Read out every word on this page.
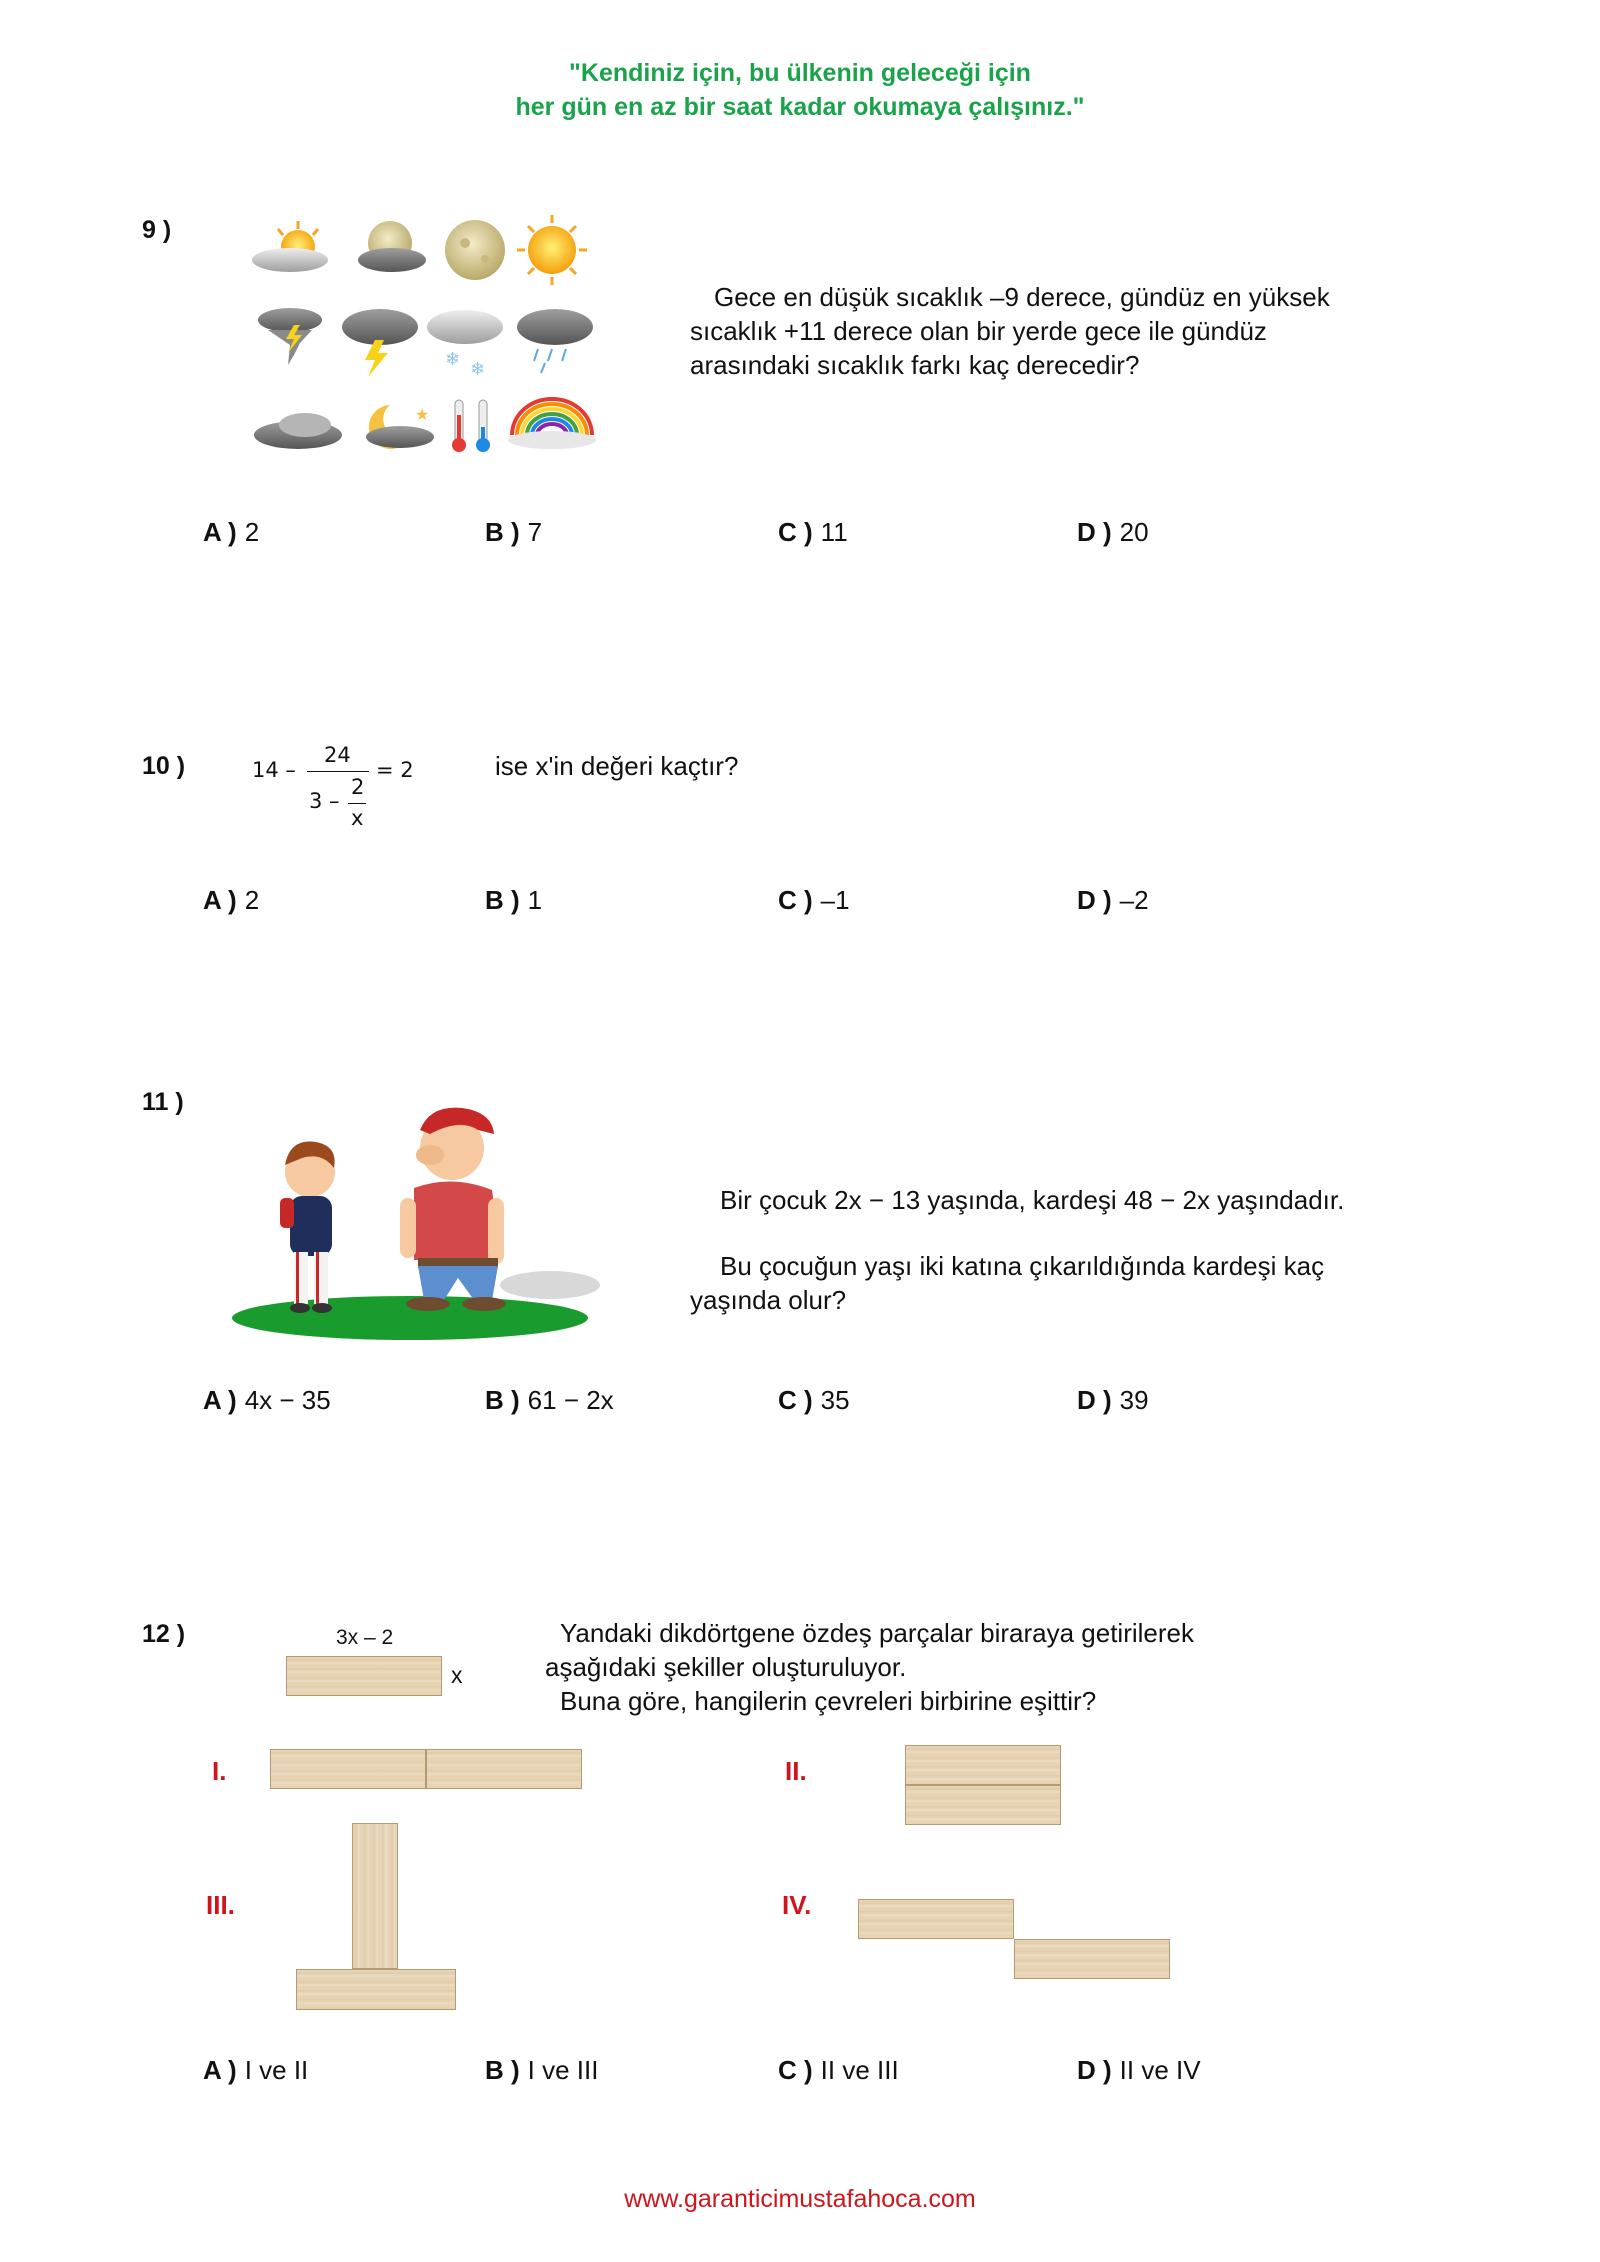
"Kendiniz için, bu ülkenin geleceği için
her gün en az bir saat kadar okumaya çalışınız."
9 )
❄ ❄
★
Gece en düşük sıcaklık –9 derece, gündüz en yüksek
sıcaklık +11 derece olan bir yerde gece ile gündüz
arasındaki sıcaklık farkı kaç derecedir?
A ) 2	B ) 7	C ) 11	D ) 20
10 )	14 –
24
3 –
2
x
= 2	ise x'in değeri kaçtır?
A ) 2	B ) 1	C ) –1	D ) –2
11 )
Bir çocuk 2x − 13 yaşında, kardeşi 48 − 2x yaşındadır.
Bu çocuğun yaşı iki katına çıkarıldığında kardeşi kaç
yaşında olur?
A ) 4x − 35	B ) 61 − 2x	C ) 35	D ) 39
12 )	3x – 2
x
Yandaki dikdörtgene özdeş parçalar biraraya getirilerek
aşağıdaki şekiller oluşturuluyor.
Buna göre, hangilerin çevreleri birbirine eşittir?
I.	II.
III.	IV.
A ) I ve II	B ) I ve III	C ) II ve III	D ) II ve IV
www.garanticimustafahoca.com
